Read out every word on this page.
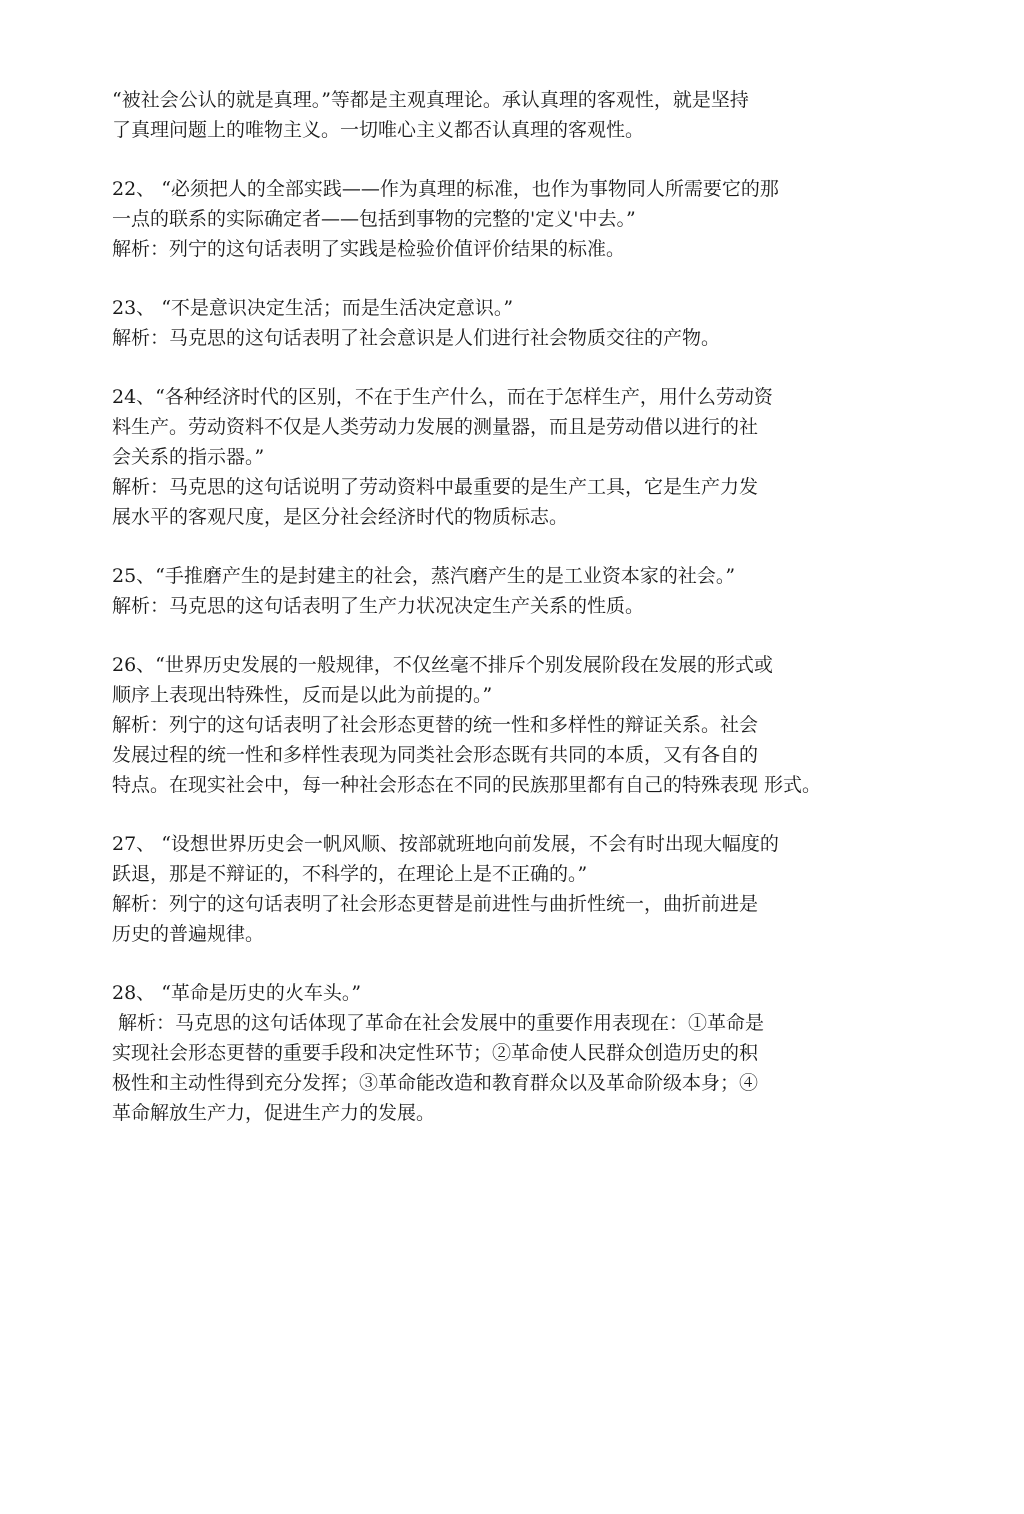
“被社会公认的就是真理。”等都是主观真理论。承认真理的客观性，就是坚持
了真理问题上的唯物主义。一切唯心主义都否认真理的客观性。
22、 “必须把人的全部实践——作为真理的标准，也作为事物同人所需要它的那
一点的联系的实际确定者——包括到事物的完整的'定义'中去。”
解析：列宁的这句话表明了实践是检验价值评价结果的标准。
23、 “不是意识决定生活；而是生活决定意识。”
解析：马克思的这句话表明了社会意识是人们进行社会物质交往的产物。
24、“各种经济时代的区别，不在于生产什么，而在于怎样生产，用什么劳动资
料生产。劳动资料不仅是人类劳动力发展的测量器，而且是劳动借以进行的社
会关系的指示器。”
解析：马克思的这句话说明了劳动资料中最重要的是生产工具，它是生产力发
展水平的客观尺度，是区分社会经济时代的物质标志。
25、“手推磨产生的是封建主的社会，蒸汽磨产生的是工业资本家的社会。”
解析：马克思的这句话表明了生产力状况决定生产关系的性质。
26、“世界历史发展的一般规律，不仅丝毫不排斥个别发展阶段在发展的形式或
顺序上表现出特殊性，反而是以此为前提的。”
解析：列宁的这句话表明了社会形态更替的统一性和多样性的辩证关系。社会
发展过程的统一性和多样性表现为同类社会形态既有共同的本质，又有各自的
特点。在现实社会中，每一种社会形态在不同的民族那里都有自己的特殊表现 形式。
27、 “设想世界历史会一帆风顺、按部就班地向前发展，不会有时出现大幅度的
跃退，那是不辩证的，不科学的，在理论上是不正确的。”
解析：列宁的这句话表明了社会形态更替是前进性与曲折性统一，曲折前进是
历史的普遍规律。
28、 “革命是历史的火车头。”
解析：马克思的这句话体现了革命在社会发展中的重要作用表现在：①革命是
实现社会形态更替的重要手段和决定性环节；②革命使人民群众创造历史的积
极性和主动性得到充分发挥；③革命能改造和教育群众以及革命阶级本身；④
革命解放生产力，促进生产力的发展。
